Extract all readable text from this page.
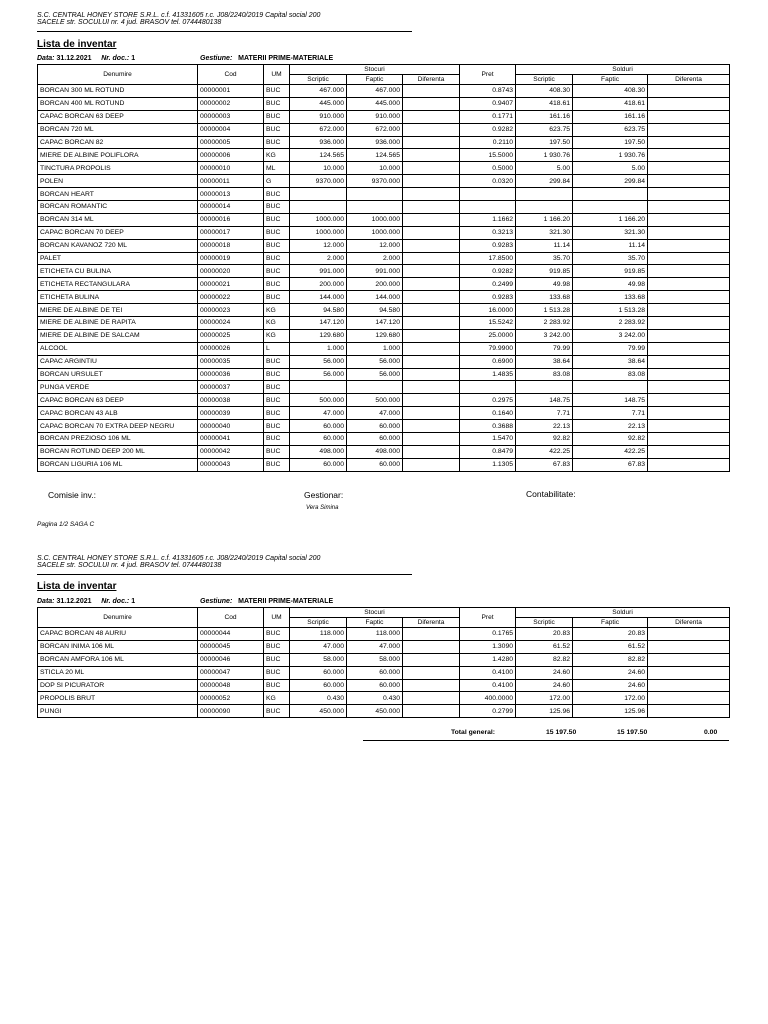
S.C. CENTRAL HONEY STORE S.R.L. c.f. 41331605 r.c. J08/2240/2019 Capital social 200
SACELE str. SOCULUI nr. 4 jud. BRASOV tel. 0744480138
Lista de inventar
Data: 31.12.2021 Nr. doc.: 1	Gestiune: MATERII PRIME-MATERIALE
Denumire	Cod	UM	Stocuri			Pret	Solduri		
			Scriptic	Faptic	Diferenta		Scriptic	Faptic	Diferenta
BORCAN 300 ML ROTUND	00000001	BUC	467.000	467.000		0.8743	408.30	408.30	
BORCAN 400 ML ROTUND	00000002	BUC	445.000	445.000		0.9407	418.61	418.61	
CAPAC BORCAN 63 DEEP	00000003	BUC	910.000	910.000		0.1771	161.16	161.16	
BORCAN 720 ML	00000004	BUC	672.000	672.000		0.9282	623.75	623.75	
CAPAC BORCAN 82	00000005	BUC	936.000	936.000		0.2110	197.50	197.50	
MIERE DE ALBINE POLIFLORA	00000006	KG	124.565	124.565		15.5000	1 930.76	1 930.76	
TINCTURA PROPOLIS	00000010	ML	10.000	10.000		0.5000	5.00	5.00	
POLEN	00000011	G	9370.000	9370.000		0.0320	299.84	299.84	
BORCAN HEART	00000013	BUC							
BORCAN ROMANTIC	00000014	BUC							
BORCAN 314 ML	00000016	BUC	1000.000	1000.000		1.1662	1 166.20	1 166.20	
CAPAC BORCAN 70 DEEP	00000017	BUC	1000.000	1000.000		0.3213	321.30	321.30	
BORCAN KAVANOZ 720 ML	00000018	BUC	12.000	12.000		0.9283	11.14	11.14	
PALET	00000019	BUC	2.000	2.000		17.8500	35.70	35.70	
ETICHETA CU BULINA	00000020	BUC	991.000	991.000		0.9282	919.85	919.85	
ETICHETA RECTANGULARA	00000021	BUC	200.000	200.000		0.2499	49.98	49.98	
ETICHETA BULINA	00000022	BUC	144.000	144.000		0.9283	133.68	133.68	
MIERE DE ALBINE DE TEI	00000023	KG	94.580	94.580		16.0000	1 513.28	1 513.28	
MIERE DE ALBINE DE RAPITA	00000024	KG	147.120	147.120		15.5242	2 283.92	2 283.92	
MIERE DE ALBINE DE SALCAM	00000025	KG	129.680	129.680		25.0000	3 242.00	3 242.00	
ALCOOL	00000026	L	1.000	1.000		79.9900	79.99	79.99	
CAPAC ARGINTIU	00000035	BUC	56.000	56.000		0.6900	38.64	38.64	
BORCAN URSULET	00000036	BUC	56.000	56.000		1.4835	83.08	83.08	
PUNGA VERDE	00000037	BUC							
CAPAC BORCAN 63 DEEP	00000038	BUC	500.000	500.000		0.2975	148.75	148.75	
CAPAC BORCAN 43 ALB	00000039	BUC	47.000	47.000		0.1640	7.71	7.71	
CAPAC BORCAN 70 EXTRA DEEP NEGRU	00000040	BUC	60.000	60.000		0.3688	22.13	22.13	
BORCAN PREZIOSO 106 ML	00000041	BUC	60.000	60.000		1.5470	92.82	92.82	
BORCAN ROTUND DEEP 200 ML	00000042	BUC	498.000	498.000		0.8479	422.25	422.25	
BORCAN LIGURIA 106 ML	00000043	BUC	60.000	60.000		1.1305	67.83	67.83	
Comisie inv.:	Gestionar:
Vera Simina
Contabilitate:
Pagina 1/2 SAGA C
S.C. CENTRAL HONEY STORE S.R.L. c.f. 41331605 r.c. J08/2240/2019 Capital social 200
SACELE str. SOCULUI nr. 4 jud. BRASOV tel. 0744480138
Lista de inventar
Data: 31.12.2021 Nr. doc.: 1	Gestiune: MATERII PRIME-MATERIALE
Denumire	Cod	UM	Stocuri			Pret	Solduri		
			Scriptic	Faptic	Diferenta		Scriptic	Faptic	Diferenta
CAPAC BORCAN 48 AURIU	00000044	BUC	118.000	118.000		0.1765	20.83	20.83	
BORCAN INIMA 106 ML	00000045	BUC	47.000	47.000		1.3090	61.52	61.52	
BORCAN AMFORA 106 ML	00000046	BUC	58.000	58.000		1.4280	82.82	82.82	
STICLA 20 ML	00000047	BUC	60.000	60.000		0.4100	24.60	24.60	
DOP SI PICURATOR	00000048	BUC	60.000	60.000		0.4100	24.60	24.60	
PROPOLIS BRUT	00000052	KG	0.430	0.430		400.0000	172.00	172.00	
PUNGI	00000090	BUC	450.000	450.000		0.2799	125.96	125.96	
Total general:	15 197.50	15 197.50	0.00
